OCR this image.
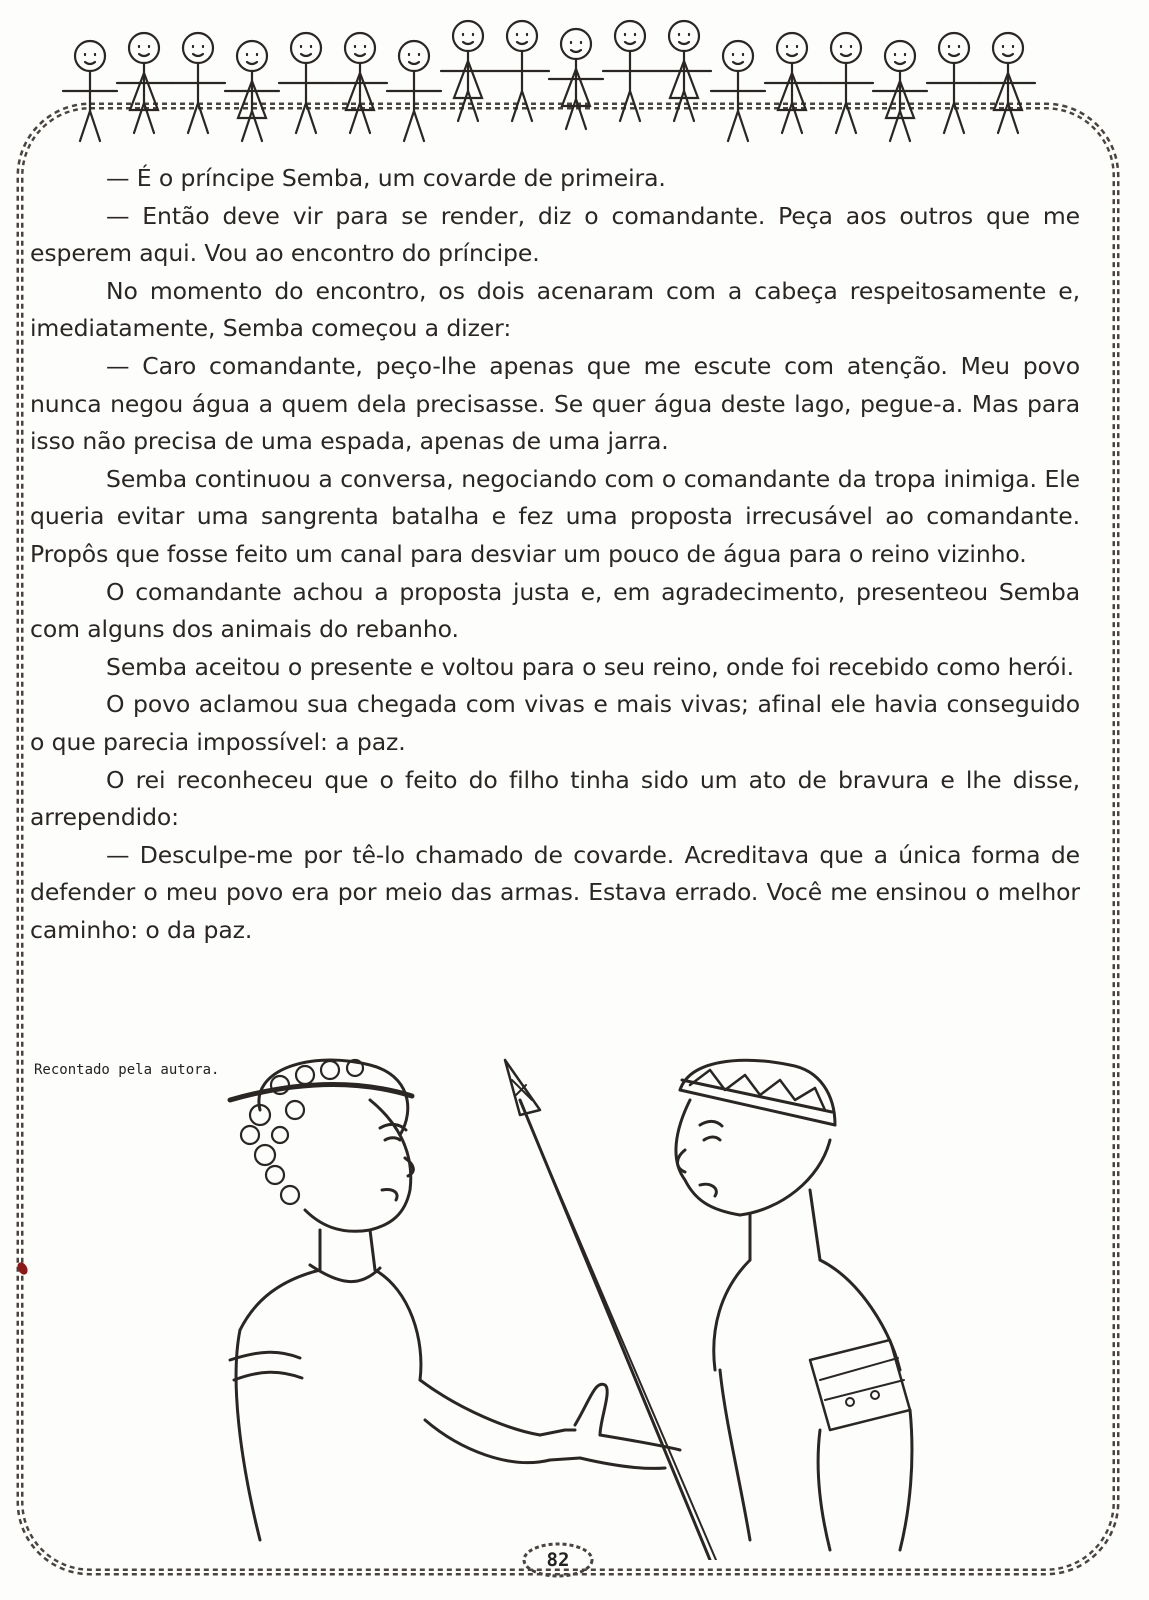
— É o príncipe Semba, um covarde de primeira.

— Então deve vir para se render, diz o comandante. Peça aos outros que me esperem aqui. Vou ao encontro do príncipe.

No momento do encontro, os dois acenaram com a cabeça respeitosamente e, imediatamente, Semba começou a dizer:

— Caro comandante, peço-lhe apenas que me escute com atenção. Meu povo nunca negou água a quem dela precisasse. Se quer água deste lago, pegue-a. Mas para isso não precisa de uma espada, apenas de uma jarra.

Semba continuou a conversa, negociando com o comandante da tropa inimiga. Ele queria evitar uma sangrenta batalha e fez uma proposta irrecusável ao comandante. Propôs que fosse feito um canal para desviar um pouco de água para o reino vizinho.

O comandante achou a proposta justa e, em agradecimento, presenteou Semba com alguns dos animais do rebanho.

Semba aceitou o presente e voltou para o seu reino, onde foi recebido como herói.

O povo aclamou sua chegada com vivas e mais vivas; afinal ele havia conseguido o que parecia impossível: a paz.

O rei reconheceu que o feito do filho tinha sido um ato de bravura e lhe disse, arrependido:

— Desculpe-me por tê-lo chamado de covarde. Acreditava que a única forma de defender o meu povo era por meio das armas. Estava errado. Você me ensinou o melhor caminho: o da paz.

Recontado pela autora.
82
